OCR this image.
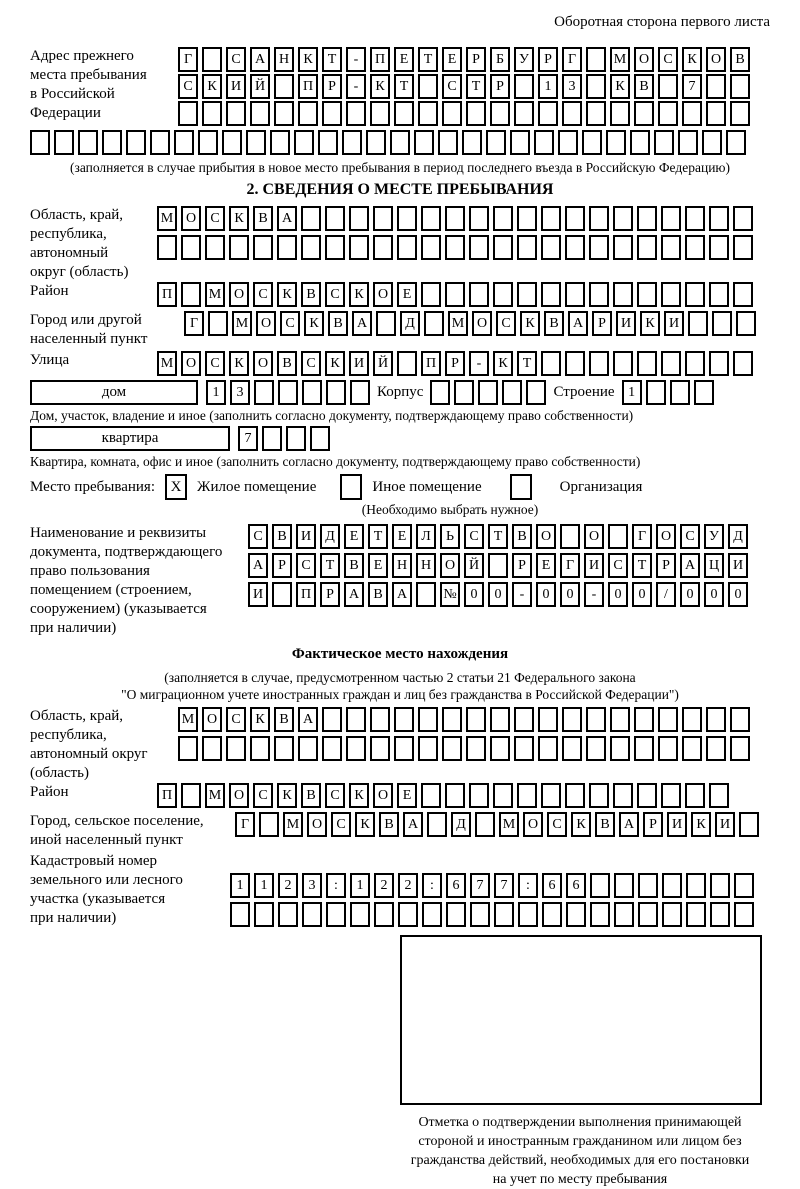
Оборотная сторона первого листа
Адрес прежнего
места пребывания
в Российской
Федерации
Г	С	А Н	К	Т	-	П	Е	Т	Е	Р	Б	У	Р	Г	М О	С	К	О	В
С	К	И Й	П	Р	-	К	Т	С	Т	Р	1	3	К	В	7
(заполняется в случае прибытия в новое место пребывания в период последнего въезда в Российскую Федерацию)
2. СВЕДЕНИЯ О МЕСТЕ ПРЕБЫВАНИЯ
Область, край,
республика,
автономный
округ (область)
М О	С	К	В	А
Район	П	М О	С	К	В	С	К	О	Е
Город или другой
населенный пункт
Г	М О	С	К	В	А	Д	М О	С	К	В	А	Р	И	К	И
Улица	М О	С	К	О	В	С	К	И Й	П	Р	-	К	Т
дом	1	3	Корпус	Строение 1
Дом, участок, владение и иное (заполнить согласно документу, подтверждающему право собственности)
квартира	7
Квартира, комната, офис и иное (заполнить согласно документу, подтверждающему право собственности)
Место пребывания:	X	Жилое помещение	Иное помещение	Организация
(Необходимо выбрать нужное)
Наименование и реквизиты
документа, подтверждающего
право пользования
помещением (строением,
сооружением) (указывается
при наличии)
С	В	И	Д	Е	Т	Е	Л	Ь	С	Т	В	О	О	Г	О	С	У	Д
А	Р	С	Т	В	Е	Н Н О Й	Р	Е	Г	И	С	Т	Р	А Ц И
И	П	Р	А	В	А	№ 0	0	-	0	0	-	0	0	/	0	0	0
Фактическое место нахождения
(заполняется в случае, предусмотренном частью 2 статьи 21 Федерального закона
"О миграционном учете иностранных граждан и лиц без гражданства в Российской Федерации")
Область, край,
республика,
автономный округ
(область)
М О	С	К	В	А
Район	П	М О	С	К	В	С	К	О	Е
Город, сельское поселение,
иной населенный пункт
Г	М О	С	К	В	А	Д	М О	С	К	В	А	Р	И	К	И
Кадастровый номер
земельного или лесного
участка (указывается
при наличии)
1	1	2	3	:	1	2	2	:	6	7	7	:	6	6
Отметка о подтверждении выполнения принимающей
стороной и иностранным гражданином или лицом без
гражданства действий, необходимых для его постановки
на учет по месту пребывания
